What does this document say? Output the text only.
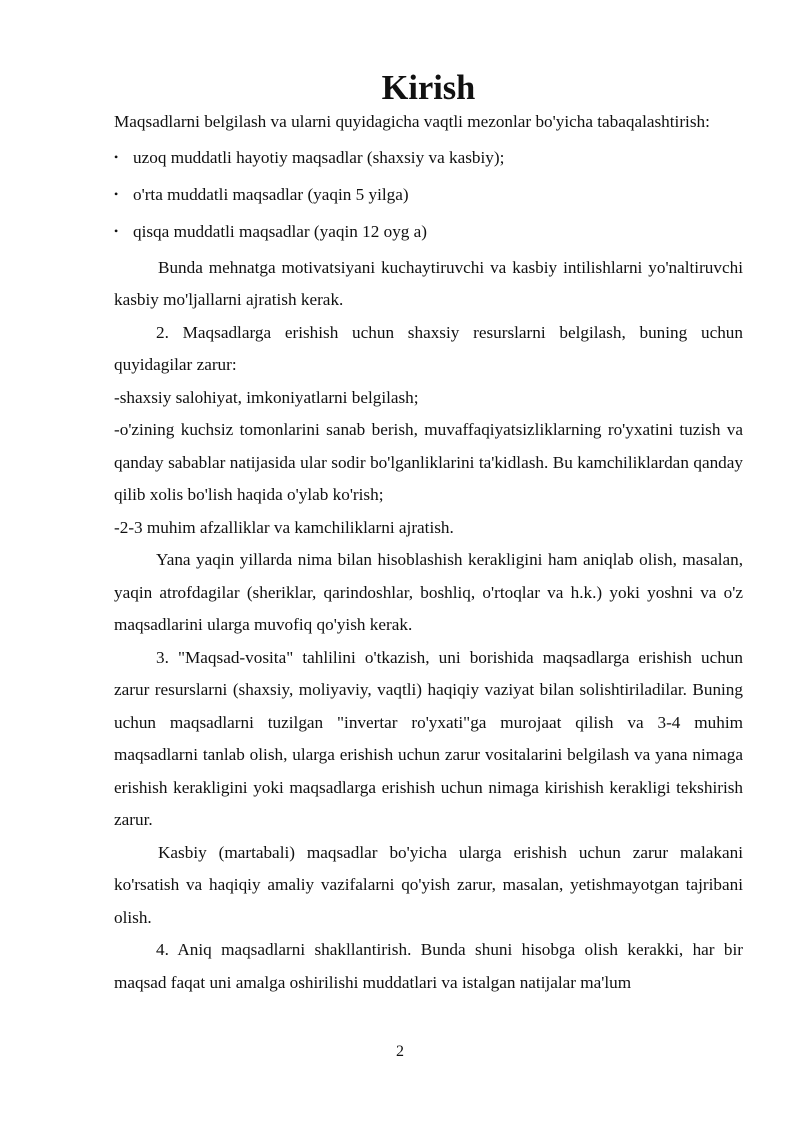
Kirish

Maqsadlarni belgilash va ularni quyidagicha vaqtli mezonlar bo'yicha tabaqalashtirish:

• uzoq muddatli hayotiy maqsadlar (shaxsiy va kasbiy);
• o'rta muddatli maqsadlar (yaqin 5 yilga)
• qisqa muddatli maqsadlar (yaqin 12 oyg a)

Bunda mehnatga motivatsiyani kuchaytiruvchi va kasbiy intilishlarni yo'naltiruvchi kasbiy mo'ljallarni ajratish kerak.

2. Maqsadlarga erishish uchun shaxsiy resurslarni belgilash, buning uchun quyidagilar zarur:

-shaxsiy salohiyat, imkoniyatlarni belgilash;

-o'zining kuchsiz tomonlarini sanab berish, muvaffaqiyatsizliklarning ro'yxatini tuzish va qanday sabablar natijasida ular sodir bo'lganliklarini ta'kidlash. Bu kamchiliklardan qanday qilib xolis bo'lish haqida o'ylab ko'rish;

-2-3 muhim afzalliklar va kamchiliklarni ajratish.

Yana yaqin yillarda nima bilan hisoblashish kerakligini ham aniqlab olish, masalan, yaqin atrofdagilar (sheriklar, qarindoshlar, boshliq, o'rtoqlar va h.k.) yoki yoshni va o'z maqsadlarini ularga muvofiq qo'yish kerak.

3. "Maqsad-vosita" tahlilini o'tkazish, uni borishida maqsadlarga erishish uchun zarur resurslarni (shaxsiy, moliyaviy, vaqtli) haqiqiy vaziyat bilan solishtiriladilar. Buning uchun maqsadlarni tuzilgan "invertar ro'yxati"ga murojaat qilish va 3-4 muhim maqsadlarni tanlab olish, ularga erishish uchun zarur vositalarini belgilash va yana nimaga erishish kerakligini yoki maqsadlarga erishish uchun nimaga kirishish kerakligi tekshirish zarur.

Kasbiy (martabali) maqsadlar bo'yicha ularga erishish uchun zarur malakani ko'rsatish va haqiqiy amaliy vazifalarni qo'yish zarur, masalan, yetishmayotgan tajribani olish.

4. Aniq maqsadlarni shakllantirish. Bunda shuni hisobga olish kerakki, har bir maqsad faqat uni amalga oshirilishi muddatlari va istalgan natijalar ma'lum

2
